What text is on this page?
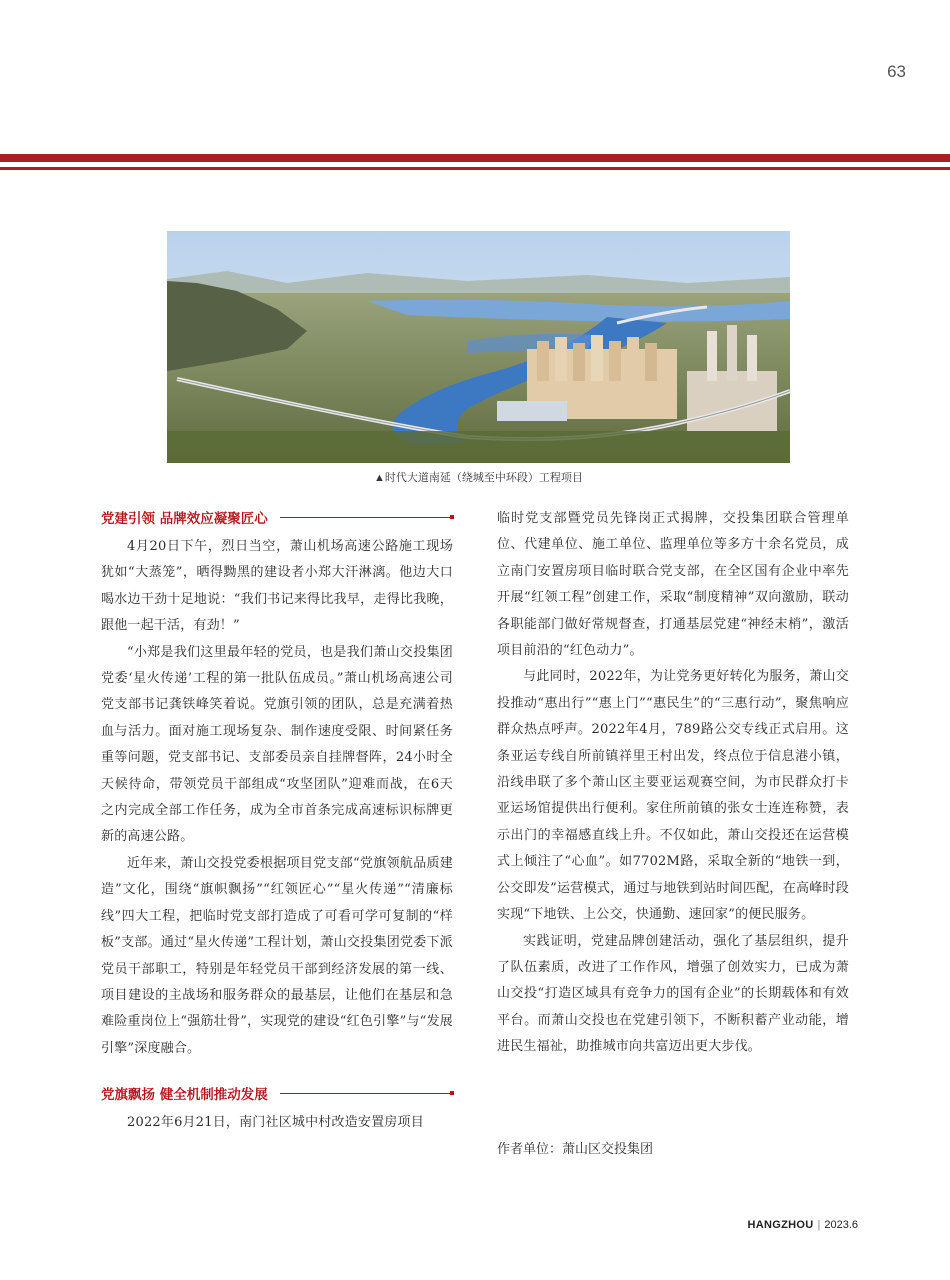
63
▲时代大道南延（绕城至中环段）工程项目
党建引领 品牌效应凝聚匠心

4月20日下午，烈日当空，萧山机场高速公路施工现场犹如“大蒸笼”，晒得黝黑的建设者小郑大汗淋漓。他边大口喝水边干劲十足地说：“我们书记来得比我早，走得比我晚，跟他一起干活，有劲！”

“小郑是我们这里最年轻的党员，也是我们萧山交投集团党委‘星火传递’工程的第一批队伍成员。”萧山机场高速公司党支部书记龚铁峰笑着说。党旗引领的团队，总是充满着热血与活力。面对施工现场复杂、制作速度受限、时间紧任务重等问题，党支部书记、支部委员亲自挂牌督阵，24小时全天候待命，带领党员干部组成“攻坚团队”迎难而战，在6天之内完成全部工作任务，成为全市首条完成高速标识标牌更新的高速公路。

近年来，萧山交投党委根据项目党支部“党旗领航品质建造”文化，围绕“旗帜飘扬”“红领匠心”“星火传递”“清廉标线”四大工程，把临时党支部打造成了可看可学可复制的“样板”支部。通过“星火传递”工程计划，萧山交投集团党委下派党员干部职工，特别是年轻党员干部到经济发展的第一线、项目建设的主战场和服务群众的最基层，让他们在基层和急难险重岗位上“强筋壮骨”，实现党的建设“红色引擎”与“发展引擎”深度融合。

党旗飘扬 健全机制推动发展

2022年6月21日，南门社区城中村改造安置房项目

临时党支部暨党员先锋岗正式揭牌，交投集团联合管理单位、代建单位、施工单位、监理单位等多方十余名党员，成立南门安置房项目临时联合党支部，在全区国有企业中率先开展“红领工程”创建工作，采取“制度精神”双向激励，联动各职能部门做好常规督查，打通基层党建“神经末梢”，激活项目前沿的“红色动力”。

与此同时，2022年，为让党务更好转化为服务，萧山交投推动“惠出行”“惠上门”“惠民生”的“三惠行动”，聚焦响应群众热点呼声。2022年4月，789路公交专线正式启用。这条亚运专线自所前镇祥里王村出发，终点位于信息港小镇，沿线串联了多个萧山区主要亚运观赛空间，为市民群众打卡亚运场馆提供出行便利。家住所前镇的张女士连连称赞，表示出门的幸福感直线上升。不仅如此，萧山交投还在运营模式上倾注了“心血”。如7702M路，采取全新的“地铁一到，公交即发”运营模式，通过与地铁到站时间匹配，在高峰时段实现“下地铁、上公交，快通勤、速回家”的便民服务。

实践证明，党建品牌创建活动，强化了基层组织，提升了队伍素质，改进了工作作风，增强了创效实力，已成为萧山交投“打造区域具有竞争力的国有企业”的长期载体和有效平台。而萧山交投也在党建引领下，不断积蓄产业动能，增进民生福祉，助推城市向共富迈出更大步伐。

作者单位：萧山区交投集团
HANGZHOU | 2023.6
